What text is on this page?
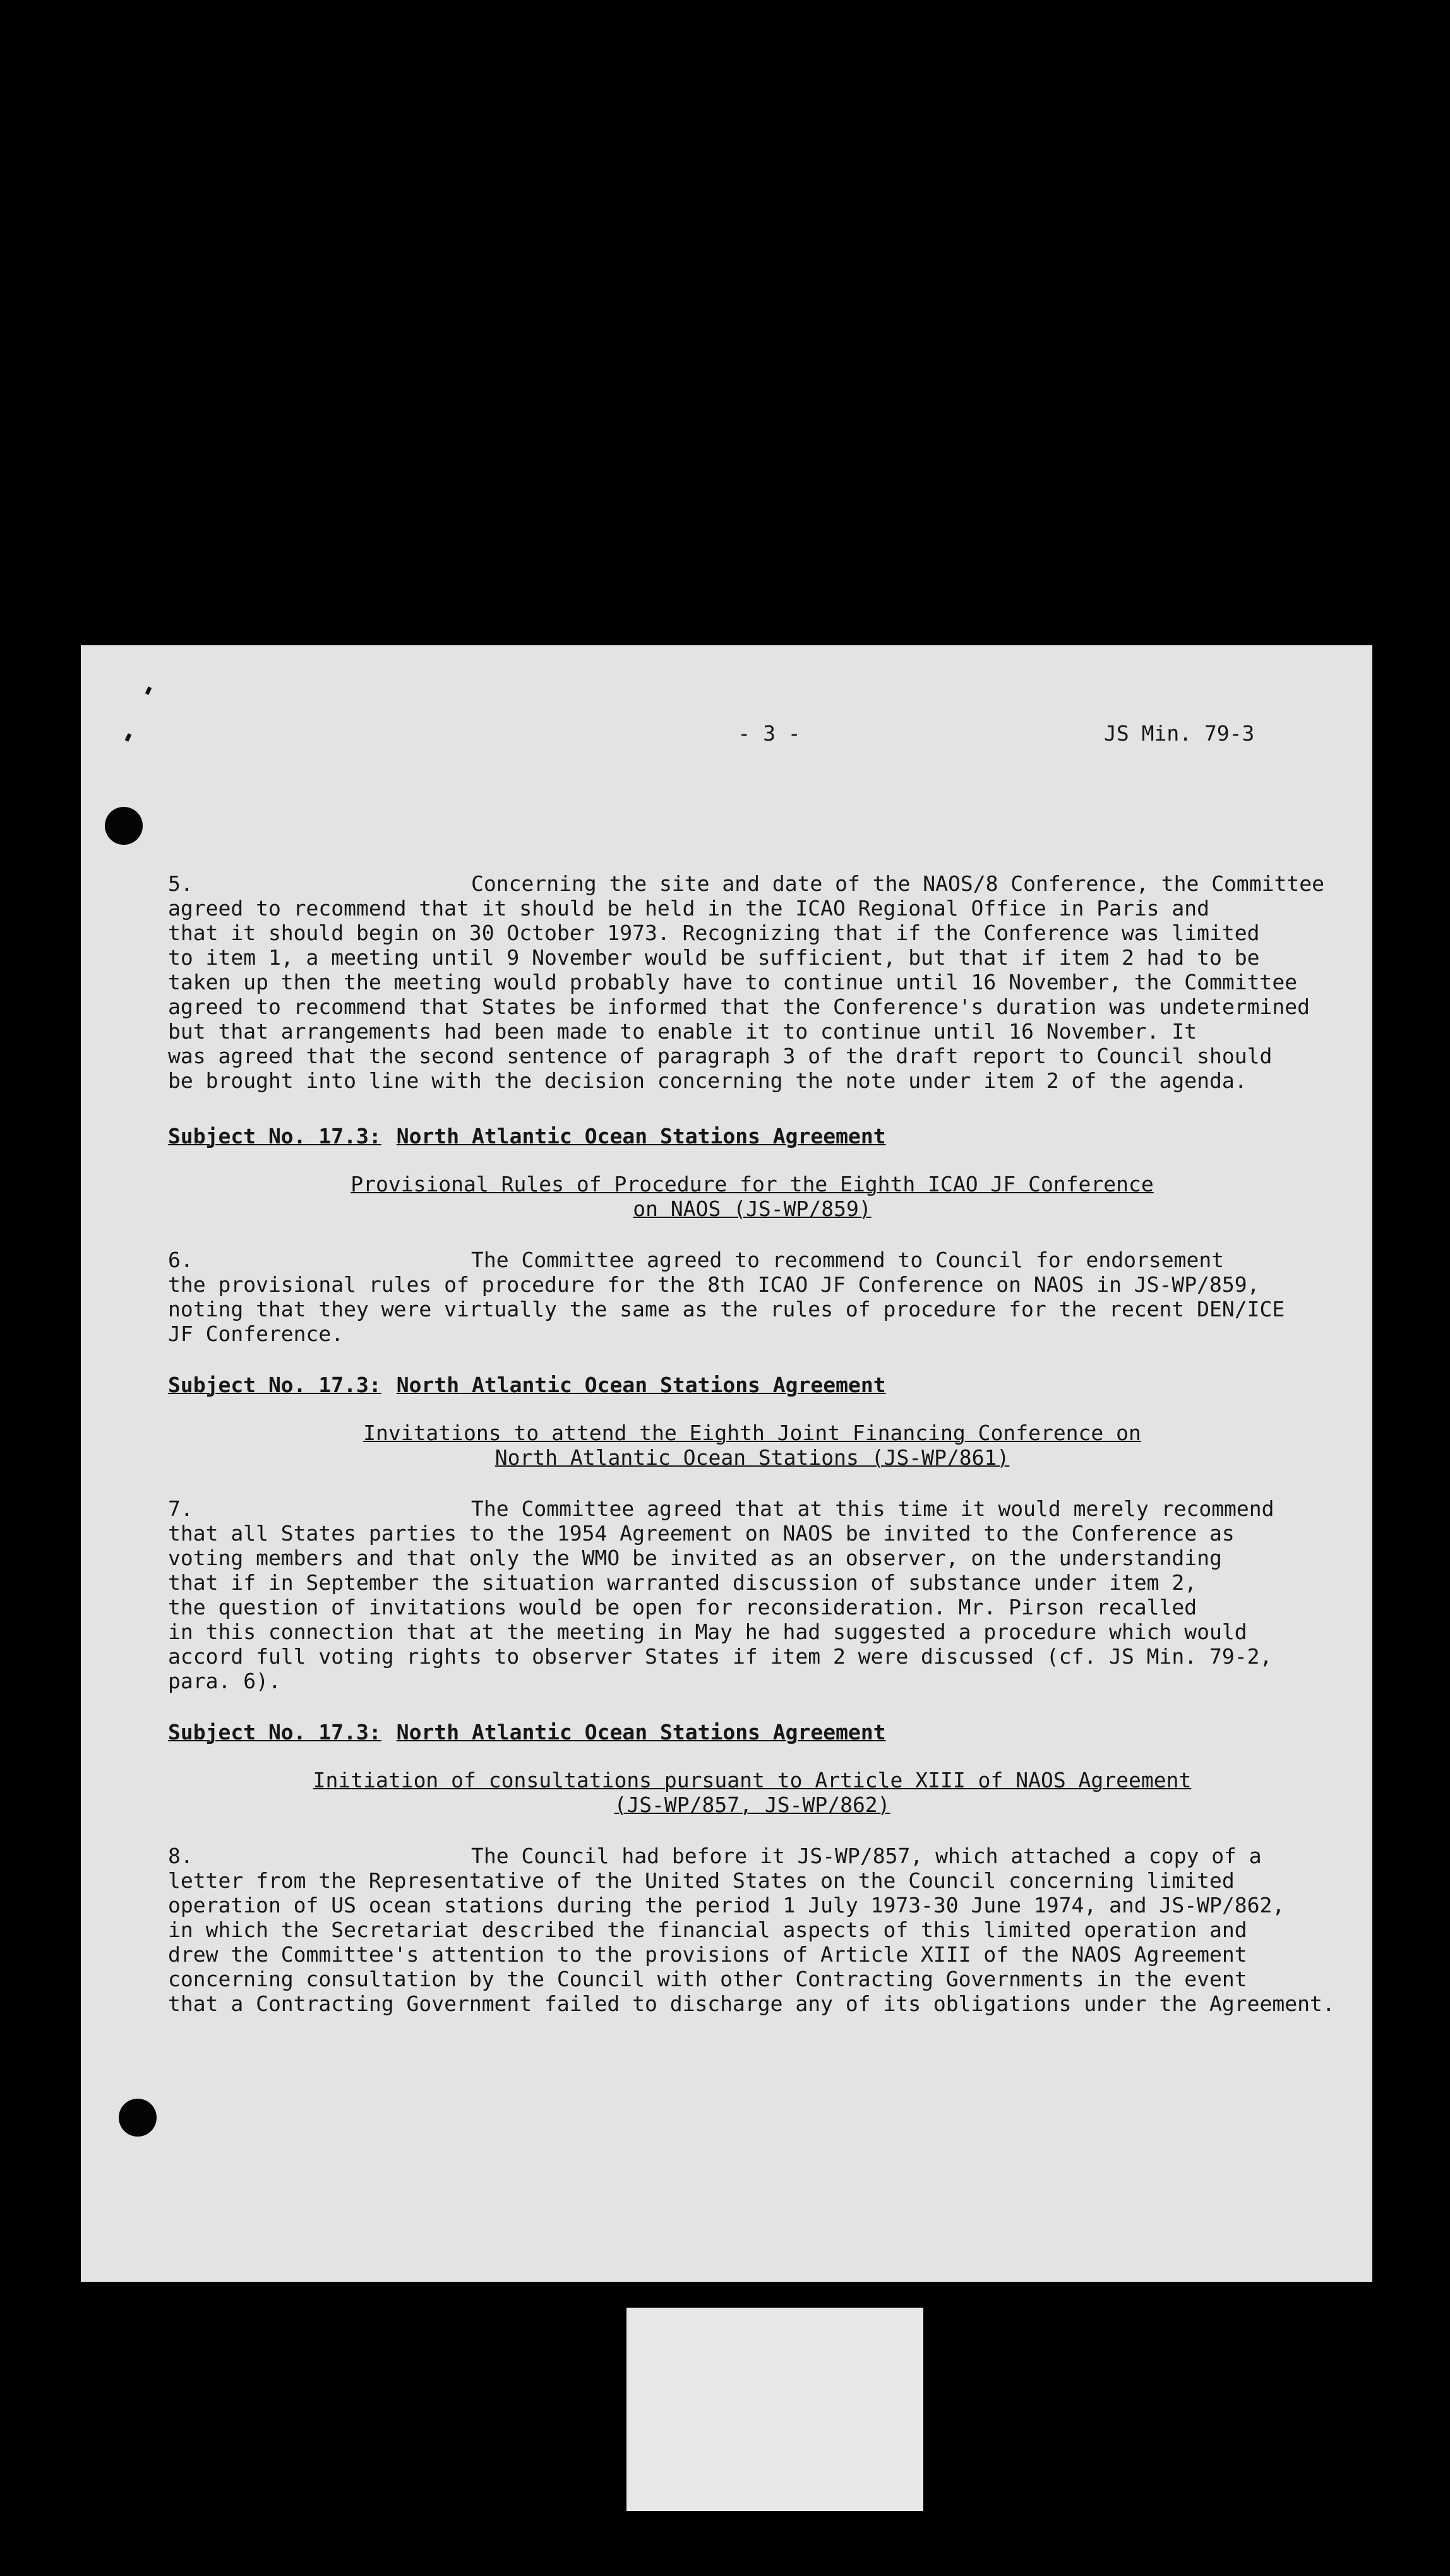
- 3 -	JS Min. 79-3

5.	Concerning the site and date of the NAOS/8 Conference, the Committee

agreed to recommend that it should be held in the ICAO Regional Office in Paris and

that it should begin on 30 October 1973. Recognizing that if the Conference was limited

to item 1, a meeting until 9 November would be sufficient, but that if item 2 had to be

taken up then the meeting would probably have to continue until 16 November, the Committee

agreed to recommend that States be informed that the Conference's duration was undetermined

but that arrangements had been made to enable it to continue until 16 November. It

was agreed that the second sentence of paragraph 3 of the draft report to Council should

be brought into line with the decision concerning the note under item 2 of the agenda.

Subject No. 17.3: North Atlantic Ocean Stations Agreement

Provisional Rules of Procedure for the Eighth ICAO JF Conference

on NAOS (JS-WP/859)

6.	The Committee agreed to recommend to Council for endorsement

the provisional rules of procedure for the 8th ICAO JF Conference on NAOS in JS-WP/859,

noting that they were virtually the same as the rules of procedure for the recent DEN/ICE

JF Conference.

Subject No. 17.3: North Atlantic Ocean Stations Agreement

Invitations to attend the Eighth Joint Financing Conference on

North Atlantic Ocean Stations (JS-WP/861)

7.	The Committee agreed that at this time it would merely recommend

that all States parties to the 1954 Agreement on NAOS be invited to the Conference as

voting members and that only the WMO be invited as an observer, on the understanding

that if in September the situation warranted discussion of substance under item 2,

the question of invitations would be open for reconsideration. Mr. Pirson recalled

in this connection that at the meeting in May he had suggested a procedure which would

accord full voting rights to observer States if item 2 were discussed (cf. JS Min. 79-2,

para. 6).

Subject No. 17.3: North Atlantic Ocean Stations Agreement

Initiation of consultations pursuant to Article XIII of NAOS Agreement

(JS-WP/857, JS-WP/862)

8.	The Council had before it JS-WP/857, which attached a copy of a

letter from the Representative of the United States on the Council concerning limited

operation of US ocean stations during the period 1 July 1973-30 June 1974, and JS-WP/862,

in which the Secretariat described the financial aspects of this limited operation and

drew the Committee's attention to the provisions of Article XIII of the NAOS Agreement

concerning consultation by the Council with other Contracting Governments in the event

that a Contracting Government failed to discharge any of its obligations under the Agreement.
